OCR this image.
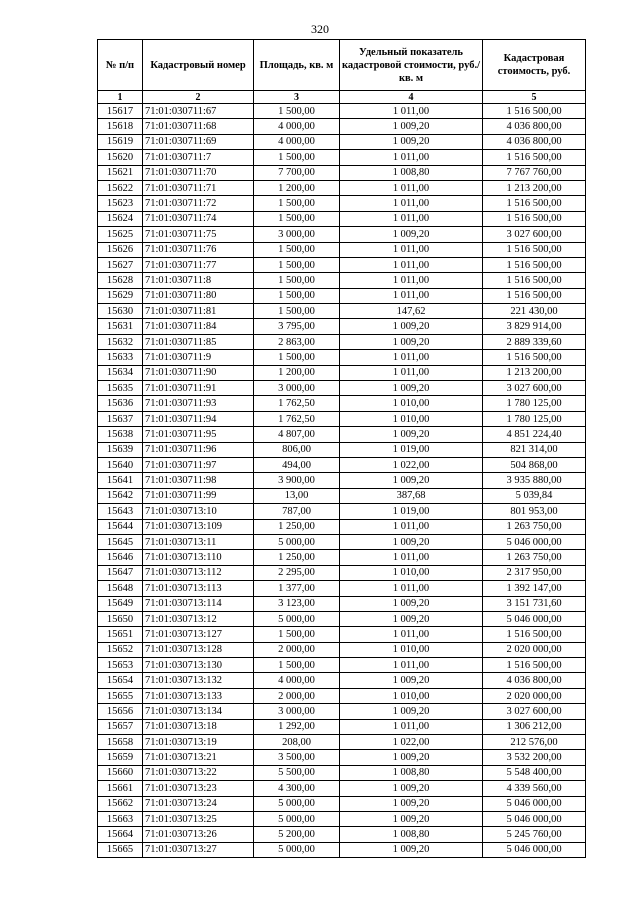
320
№ п/п	Кадастровый номер	Площадь, кв. м	Удельный показатель кадастровой стоимости, руб./кв. м	Кадастровая стоимость, руб.
1	2	3	4	5
15617	71:01:030711:67	1 500,00	1 011,00	1 516 500,00
15618	71:01:030711:68	4 000,00	1 009,20	4 036 800,00
15619	71:01:030711:69	4 000,00	1 009,20	4 036 800,00
15620	71:01:030711:7	1 500,00	1 011,00	1 516 500,00
15621	71:01:030711:70	7 700,00	1 008,80	7 767 760,00
15622	71:01:030711:71	1 200,00	1 011,00	1 213 200,00
15623	71:01:030711:72	1 500,00	1 011,00	1 516 500,00
15624	71:01:030711:74	1 500,00	1 011,00	1 516 500,00
15625	71:01:030711:75	3 000,00	1 009,20	3 027 600,00
15626	71:01:030711:76	1 500,00	1 011,00	1 516 500,00
15627	71:01:030711:77	1 500,00	1 011,00	1 516 500,00
15628	71:01:030711:8	1 500,00	1 011,00	1 516 500,00
15629	71:01:030711:80	1 500,00	1 011,00	1 516 500,00
15630	71:01:030711:81	1 500,00	147,62	221 430,00
15631	71:01:030711:84	3 795,00	1 009,20	3 829 914,00
15632	71:01:030711:85	2 863,00	1 009,20	2 889 339,60
15633	71:01:030711:9	1 500,00	1 011,00	1 516 500,00
15634	71:01:030711:90	1 200,00	1 011,00	1 213 200,00
15635	71:01:030711:91	3 000,00	1 009,20	3 027 600,00
15636	71:01:030711:93	1 762,50	1 010,00	1 780 125,00
15637	71:01:030711:94	1 762,50	1 010,00	1 780 125,00
15638	71:01:030711:95	4 807,00	1 009,20	4 851 224,40
15639	71:01:030711:96	806,00	1 019,00	821 314,00
15640	71:01:030711:97	494,00	1 022,00	504 868,00
15641	71:01:030711:98	3 900,00	1 009,20	3 935 880,00
15642	71:01:030711:99	13,00	387,68	5 039,84
15643	71:01:030713:10	787,00	1 019,00	801 953,00
15644	71:01:030713:109	1 250,00	1 011,00	1 263 750,00
15645	71:01:030713:11	5 000,00	1 009,20	5 046 000,00
15646	71:01:030713:110	1 250,00	1 011,00	1 263 750,00
15647	71:01:030713:112	2 295,00	1 010,00	2 317 950,00
15648	71:01:030713:113	1 377,00	1 011,00	1 392 147,00
15649	71:01:030713:114	3 123,00	1 009,20	3 151 731,60
15650	71:01:030713:12	5 000,00	1 009,20	5 046 000,00
15651	71:01:030713:127	1 500,00	1 011,00	1 516 500,00
15652	71:01:030713:128	2 000,00	1 010,00	2 020 000,00
15653	71:01:030713:130	1 500,00	1 011,00	1 516 500,00
15654	71:01:030713:132	4 000,00	1 009,20	4 036 800,00
15655	71:01:030713:133	2 000,00	1 010,00	2 020 000,00
15656	71:01:030713:134	3 000,00	1 009,20	3 027 600,00
15657	71:01:030713:18	1 292,00	1 011,00	1 306 212,00
15658	71:01:030713:19	208,00	1 022,00	212 576,00
15659	71:01:030713:21	3 500,00	1 009,20	3 532 200,00
15660	71:01:030713:22	5 500,00	1 008,80	5 548 400,00
15661	71:01:030713:23	4 300,00	1 009,20	4 339 560,00
15662	71:01:030713:24	5 000,00	1 009,20	5 046 000,00
15663	71:01:030713:25	5 000,00	1 009,20	5 046 000,00
15664	71:01:030713:26	5 200,00	1 008,80	5 245 760,00
15665	71:01:030713:27	5 000,00	1 009,20	5 046 000,00
